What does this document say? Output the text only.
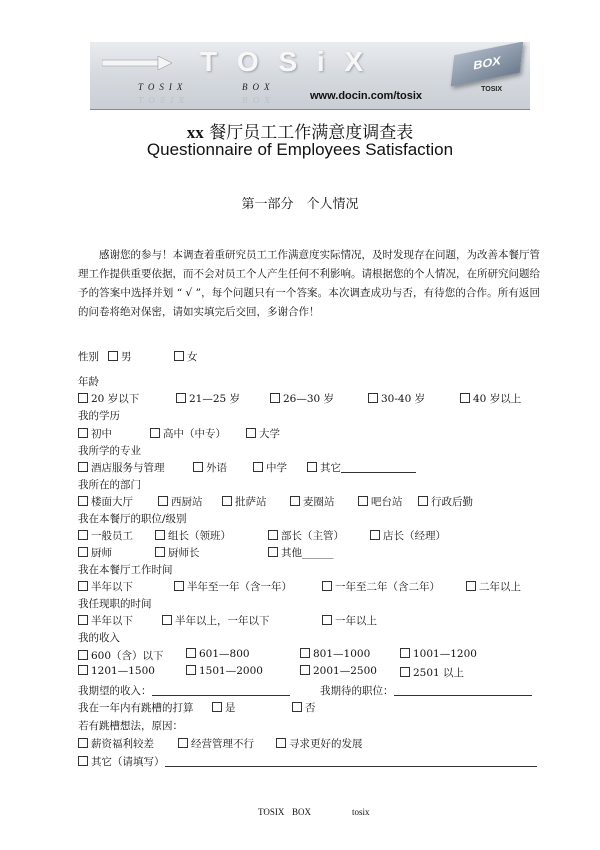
T O S i X
TOSIX	BOX
TOSIX	BOX	www.docin.com/tosix
BOX
TOSIX
xx 餐厅员工工作满意度调查表
Questionnaire of Employees Satisfaction
第一部分　个人情况
感谢您的参与！本调查着重研究员工工作满意度实际情况，及时发现存在问题，为改善本餐厅管理工作提供重要依据，而不会对员工个人产生任何不利影响。请根据您的个人情况，在所研究问题给予的答案中选择并划 “ √ ”，每个问题只有一个答案。本次调查成功与否，有待您的合作。所有返回的问卷将绝对保密，请如实填完后交回，多谢合作！
性别	男	女
年龄
20 岁以下	21—25 岁	26—30 岁	30-40 岁	40 岁以上
我的学历
初中	高中（中专）	大学
我所学的专业
酒店服务与管理	外语	中学	其它
我所在的部门
楼面大厅	西厨站	批萨站	麦圈站	吧台站	行政后勤
我在本餐厅的职位/级别
一般员工	组长（领班）	部长（主管）	店长（经理）
厨师	厨师长	其他______
我在本餐厅工作时间
半年以下	半年至一年（含一年）	一年至二年（含二年）	二年以上
我任现职的时间
半年以下	半年以上，一年以下	一年以上
我的收入
600（含）以下	601—800	801—1000	1001—1200
1201—1500	1501—2000	2001—2500	2501 以上
我期望的收入：	我期待的职位：
我在一年内有跳槽的打算	是	否
若有跳槽想法，原因：
薪资福利较差	经营管理不行	寻求更好的发展
其它（请填写）
TOSIX BOX	tosix
